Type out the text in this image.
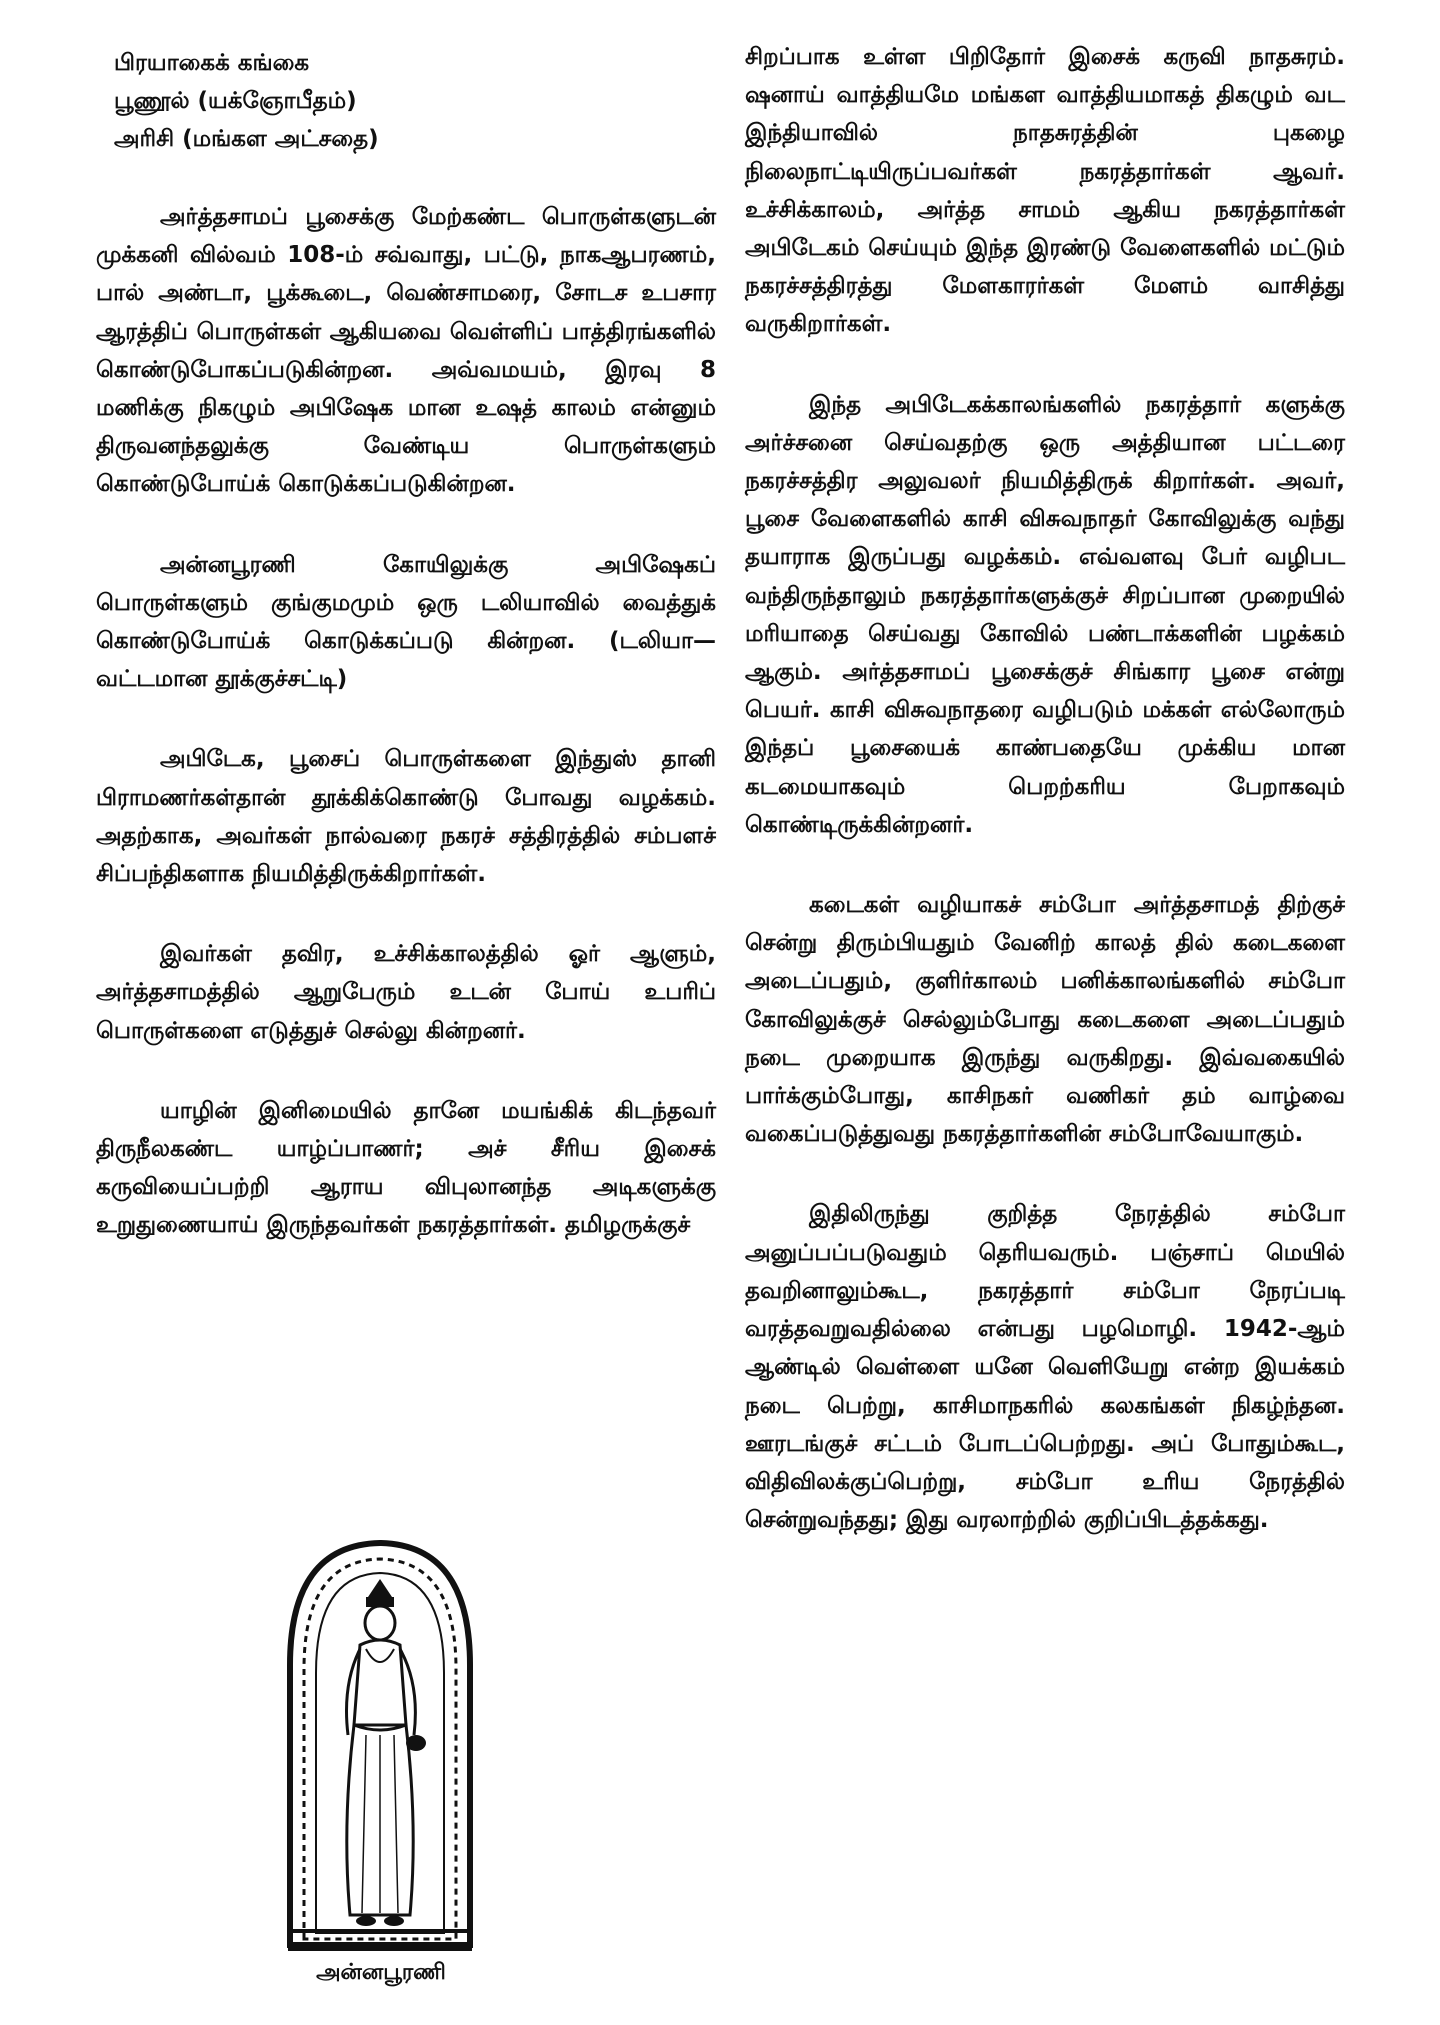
பிரயாகைக் கங்கை
பூணூல் (யக்ஞோபீதம்)
அரிசி (மங்கள அட்சதை)

அர்த்தசாமப் பூசைக்கு மேற்கண்ட பொருள்களுடன் முக்கனி வில்வம் 108-ம் சவ்வாது, பட்டு, நாகஆபரணம், பால் அண்டா, பூக்கூடை, வெண்சாமரை, சோடச உபசார ஆரத்திப் பொருள்கள் ஆகியவை வெள்ளிப் பாத்திரங்களில் கொண்டுபோகப்படுகின்றன. அவ்வமயம், இரவு 8 மணிக்கு நிகழும் அபிஷேக மான உஷத் காலம் என்னும் திருவனந்தலுக்கு வேண்டிய பொருள்களும் கொண்டுபோய்க் கொடுக்கப்படுகின்றன.

அன்னபூரணி கோயிலுக்கு அபிஷேகப் பொருள்களும் குங்குமமும் ஒரு டலியாவில் வைத்துக் கொண்டுபோய்க் கொடுக்கப்படு கின்றன. (டலியா—வட்டமான தூக்குச்சட்டி)

அபிடேக, பூசைப் பொருள்களை இந்துஸ் தானி பிராமணர்கள்தான் தூக்கிக்கொண்டு போவது வழக்கம். அதற்காக, அவர்கள் நால்வரை நகரச் சத்திரத்தில் சம்பளச் சிப்பந்திகளாக நியமித்திருக்கிறார்கள்.

இவர்கள் தவிர, உச்சிக்காலத்தில் ஓர் ஆளும், அர்த்தசாமத்தில் ஆறுபேரும் உடன் போய் உபரிப் பொருள்களை எடுத்துச் செல்லு கின்றனர்.

யாழின் இனிமையில் தானே மயங்கிக் கிடந்தவர் திருநீலகண்ட யாழ்ப்பாணர்; அச் சீரிய இசைக் கருவியைப்பற்றி ஆராய விபுலானந்த அடிகளுக்கு உறுதுணையாய் இருந்தவர்கள் நகரத்தார்கள். தமிழருக்குச்

சிறப்பாக உள்ள பிறிதோர் இசைக் கருவி நாதசுரம். ஷனாய் வாத்தியமே மங்கள வாத்தியமாகத் திகழும் வட இந்தியாவில் நாதசுரத்தின் புகழை நிலைநாட்டியிருப்பவர்கள் நகரத்தார்கள் ஆவர். உச்சிக்காலம், அர்த்த சாமம் ஆகிய நகரத்தார்கள் அபிடேகம் செய்யும் இந்த இரண்டு வேளைகளில் மட்டும் நகரச்சத்திரத்து மேளகாரர்கள் மேளம் வாசித்து வருகிறார்கள்.

இந்த அபிடேகக்காலங்களில் நகரத்தார் களுக்கு அர்ச்சனை செய்வதற்கு ஒரு அத்தியான பட்டரை நகரச்சத்திர அலுவலர் நியமித்திருக் கிறார்கள். அவர், பூசை வேளைகளில் காசி விசுவநாதர் கோவிலுக்கு வந்து தயாராக இருப்பது வழக்கம். எவ்வளவு பேர் வழிபட வந்திருந்தாலும் நகரத்தார்களுக்குச் சிறப்பான முறையில் மரியாதை செய்வது கோவில் பண்டாக்களின் பழக்கம் ஆகும். அர்த்தசாமப் பூசைக்குச் சிங்கார பூசை என்று பெயர். காசி விசுவநாதரை வழிபடும் மக்கள் எல்லோரும் இந்தப் பூசையைக் காண்பதையே முக்கிய மான கடமையாகவும் பெறற்கரிய பேறாகவும் கொண்டிருக்கின்றனர்.

கடைகள் வழியாகச் சம்போ அர்த்தசாமத் திற்குச் சென்று திரும்பியதும் வேனிற் காலத் தில் கடைகளை அடைப்பதும், குளிர்காலம் பனிக்காலங்களில் சம்போ கோவிலுக்குச் செல்லும்போது கடைகளை அடைப்பதும் நடை முறையாக இருந்து வருகிறது. இவ்வகையில் பார்க்கும்போது, காசிநகர் வணிகர் தம் வாழ்வை வகைப்படுத்துவது நகரத்தார்களின் சம்போவேயாகும்.

இதிலிருந்து குறித்த நேரத்தில் சம்போ அனுப்பப்படுவதும் தெரியவரும். பஞ்சாப் மெயில் தவறினாலும்கூட, நகரத்தார் சம்போ நேரப்படி வரத்தவறுவதில்லை என்பது பழமொழி. 1942-ஆம் ஆண்டில் வெள்ளை யனே வெளியேறு என்ற இயக்கம் நடை பெற்று, காசிமாநகரில் கலகங்கள் நிகழ்ந்தன. ஊரடங்குச் சட்டம் போடப்பெற்றது. அப் போதும்கூட, விதிவிலக்குப்பெற்று, சம்போ உரிய நேரத்தில் சென்றுவந்தது; இது வரலாற்றில் குறிப்பிடத்தக்கது.

அன்னபூரணி
